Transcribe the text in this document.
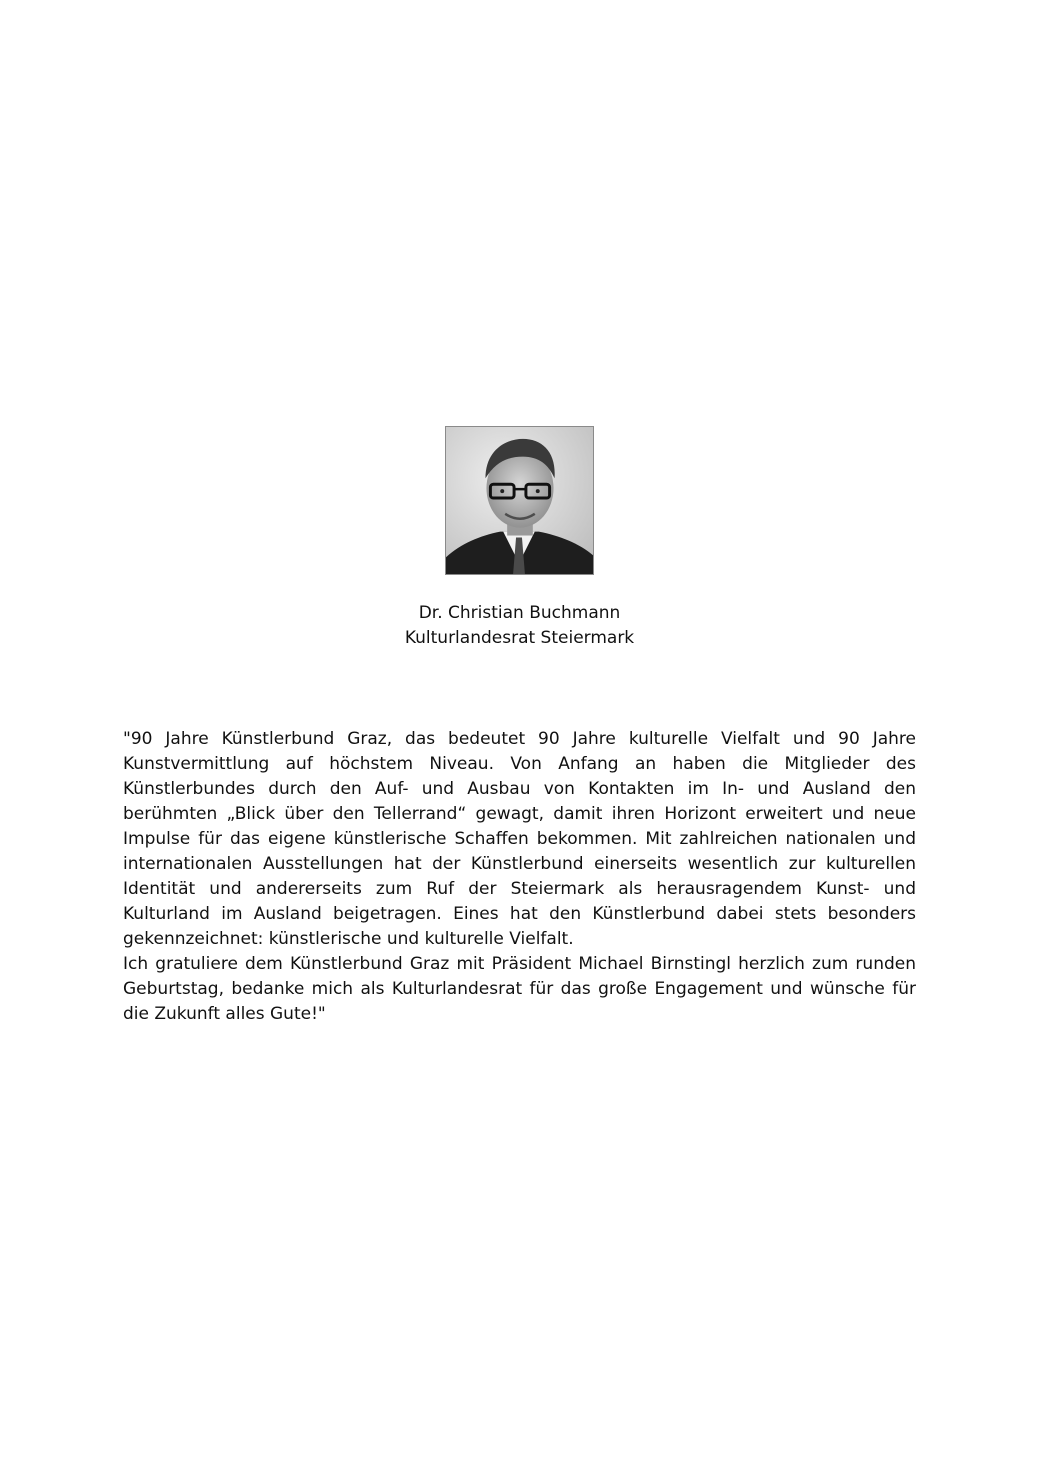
Dr. Christian Buchmann
Kulturlandesrat Steiermark

"90 Jahre Künstlerbund Graz, das bedeutet 90 Jahre kulturelle Vielfalt und 90 Jahre Kunstvermittlung auf höchstem Niveau. Von Anfang an haben die Mitglieder des Künstlerbundes durch den Auf- und Ausbau von Kontakten im In- und Ausland den berühmten „Blick über den Tellerrand“ gewagt, damit ihren Horizont erweitert und neue Impulse für das eigene künstlerische Schaffen bekommen. Mit zahlreichen nationalen und internationalen Ausstellungen hat der Künstlerbund einerseits wesentlich zur kulturellen Identität und andererseits zum Ruf der Steiermark als herausragendem Kunst- und Kulturland im Ausland beigetragen. Eines hat den Künstlerbund dabei stets besonders gekennzeichnet: künstlerische und kulturelle Vielfalt.

Ich gratuliere dem Künstlerbund Graz mit Präsident Michael Birnstingl herzlich zum runden Geburtstag, bedanke mich als Kulturlandesrat für das große Engagement und wünsche für die Zukunft alles Gute!"
